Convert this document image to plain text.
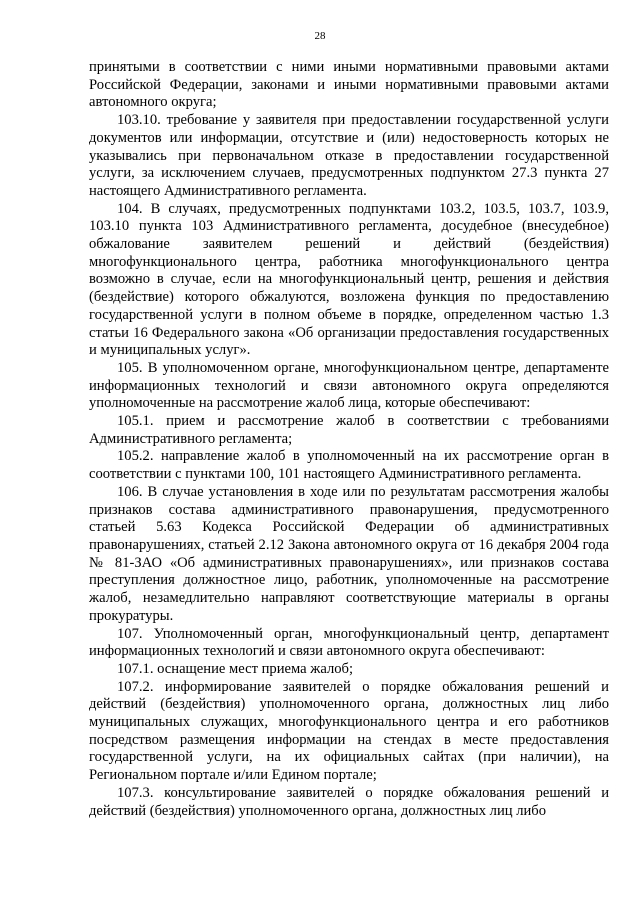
28

принятыми в соответствии с ними иными нормативными правовыми актами Российской Федерации, законами и иными нормативными правовыми актами автономного округа;

103.10. требование у заявителя при предоставлении государственной услуги документов или информации, отсутствие и (или) недостоверность которых не указывались при первоначальном отказе в предоставлении государственной услуги, за исключением случаев, предусмотренных подпунктом 27.3 пункта 27 настоящего Административного регламента.

104. В случаях, предусмотренных подпунктами 103.2, 103.5, 103.7, 103.9, 103.10 пункта 103 Административного регламента, досудебное (внесудебное) обжалование заявителем решений и действий (бездействия) многофункционального центра, работника многофункционального центра возможно в случае, если на многофункциональный центр, решения и действия (бездействие) которого обжалуются, возложена функция по предоставлению государственной услуги в полном объеме в порядке, определенном частью 1.3 статьи 16 Федерального закона «Об организации предоставления государственных и муниципальных услуг».

105. В уполномоченном органе, многофункциональном центре, департаменте информационных технологий и связи автономного округа определяются уполномоченные на рассмотрение жалоб лица, которые обеспечивают:

105.1. прием и рассмотрение жалоб в соответствии с требованиями Административного регламента;

105.2. направление жалоб в уполномоченный на их рассмотрение орган в соответствии с пунктами 100, 101 настоящего Административного регламента.

106. В случае установления в ходе или по результатам рассмотрения жалобы признаков состава административного правонарушения, предусмотренного статьей 5.63 Кодекса Российской Федерации об административных правонарушениях, статьей 2.12 Закона автономного округа от 16 декабря 2004 года № 81-ЗАО «Об административных правонарушениях», или признаков состава преступления должностное лицо, работник, уполномоченные на рассмотрение жалоб, незамедлительно направляют соответствующие материалы в органы прокуратуры.

107. Уполномоченный орган, многофункциональный центр, департамент информационных технологий и связи автономного округа обеспечивают:

107.1. оснащение мест приема жалоб;

107.2. информирование заявителей о порядке обжалования решений и действий (бездействия) уполномоченного органа, должностных лиц либо муниципальных служащих, многофункционального центра и его работников посредством размещения информации на стендах в месте предоставления государственной услуги, на их официальных сайтах (при наличии), на Региональном портале и/или Едином портале;

107.3. консультирование заявителей о порядке обжалования решений и действий (бездействия) уполномоченного органа, должностных лиц либо
